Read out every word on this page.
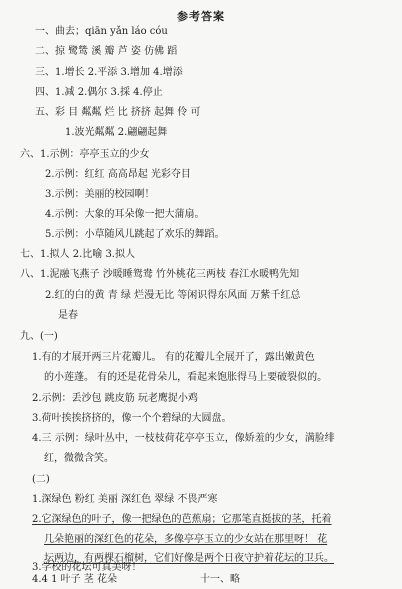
参考答案
一、曲去；qiān yǎn láo cóu
二、掠 鹭鸶 溪 瓣 芦 姿 仿佛 蹈
三、1.增长 2.平添 3.增加 4.增添
四、1.减 2.偶尔 3.採 4.停止
五、彩 目 粼粼 烂 比 挤挤 起舞 伶 可
1.波光粼粼 2.翩翩起舞
六、1.示例：亭亭玉立的少女
2.示例：红红 高高昂起 光彩夺目
3.示例：美丽的校园啊！
4.示例：大象的耳朵像一把大蒲扇。
5.示例：小草随风儿跳起了欢乐的舞蹈。
七、1.拟人 2.比喻 3.拟人
八、1.泥融飞燕子 沙暖睡鸳鸯 竹外桃花三两枝 春江水暖鸭先知
2.红的白的黄 青 绿 烂漫无比 等闲识得东风面 万紫千红总
是春
九、(一)
1.有的才展开两三片花瓣儿。 有的花瓣儿全展开了，露出嫩黄色
的小莲蓬。 有的还是花骨朵儿，看起来饱胀得马上要破裂似的。
2.示例：丢沙包 跳皮筋 玩老鹰捉小鸡
3.荷叶挨挨挤挤的，像一个个碧绿的大圆盘。
4.三 示例：绿叶丛中，一枝枝荷花亭亭玉立，像娇羞的少女，满脸绯
红，微微含笑。
(二)
1.深绿色 粉红 美丽 深红色 翠绿 不畏严寒
2.它深绿色的叶子，像一把绿色的芭蕉扇；它那笔直挺拔的茎，托着
几朵艳丽的深红色的花朵，多像亭亭玉立的少女站在那里呀！ 花
坛两边，有两棵石榴树，它们好像是两个日夜守护着花坛的卫兵。
3.学校的花坛可真美呀！
4.4 1 叶子 茎 花朵	十一、略
